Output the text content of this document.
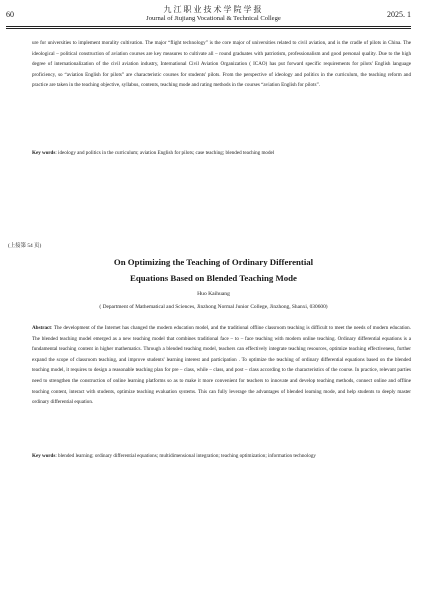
60
九江职业技术学院学报
Journal of Jiujiang Vocational & Technical College	2025. 1
ure for universities to implement morality cultivation. The major “flight technology” is the core major of universities related to civil aviation, and is the cradle of pilots in China. The ideological – political construction of aviation courses are key measures to cultivate all – round graduates with patriotism, professionalism and good personal quality. Due to the high degree of internationalization of the civil aviation industry, International Civil Aviation Organization ( ICAO) has put forward specific requirements for pilots' English language proficiency, so “aviation English for pilots” are characteristic courses for students' pilots. From the perspective of ideology and politics in the curriculum, the teaching reform and practice are taken in the teaching objective, syllabus, contents, teaching mode and rating methods in the courses “aviation English for pilots”.
Key words: ideology and politics in the curriculum; aviation English for pilots; case teaching; blended teaching model
(上接第 54 页)
On Optimizing the Teaching of Ordinary Differential
Equations Based on Blended Teaching Mode
Huo Kaihuang
( Department of Mathematical and Sciences, Jinzhong Normal Junior College, Jinzhong, Shanxi, 030600)
Abstract: The development of the Internet has changed the modern education model, and the traditional offline classroom teaching is difficult to meet the needs of modern education. The blended teaching model emerged as a new teaching model that combines traditional face – to – face teaching with modern online teaching. Ordinary differential equations is a fundamental teaching content in higher mathematics. Through a blended teaching model, teachers can effectively integrate teaching resources, optimize teaching effectiveness, further expand the scope of classroom teaching, and improve students' learning interest and participation . To optimize the teaching of ordinary differential equations based on the blended teaching model, it requires to design a reasonable teaching plan for pre – class, while – class, and post – class according to the characteristics of the course. In practice, relevant parties need to strengthen the construction of online learning platforms so as to make it more convenient for teachers to innovate and develop teaching methods, connect online and offline teaching content, interact with students, optimize teaching evaluation systems. This can fully leverage the advantages of blended learning mode, and help students to deeply master ordinary differential equation.
Key words: blended learning; ordinary differential equations; multidimensional integration; teaching optimization; information technology
